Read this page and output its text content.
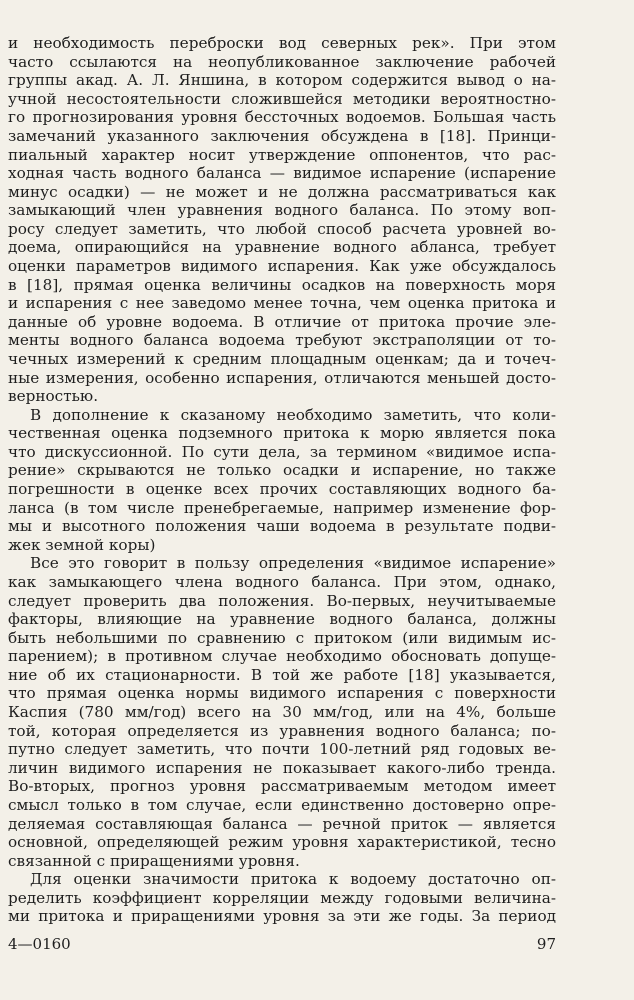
и необходимость переброски вод северных рек». При этом
часто ссылаются на неопубликованное заключение рабочей
группы акад. А. Л. Яншина, в котором содержится вывод о на-
учной несостоятельности сложившейся методики вероятностно-
го прогнозирования уровня бессточных водоемов. Большая часть
замечаний указанного заключения обсуждена в [18]. Принци-
пиальный характер носит утверждение оппонентов, что рас-
ходная часть водного баланса — видимое испарение (испарение
минус осадки) — не может и не должна рассматриваться как
замыкающий член уравнения водного баланса. По этому воп-
росу следует заметить, что любой способ расчета уровней во-
доема, опирающийся на уравнение водного абланса, требует
оценки параметров видимого испарения. Как уже обсуждалось
в [18], прямая оценка величины осадков на поверхность моря
и испарения с нее заведомо менее точна, чем оценка притока и
данные об уровне водоема. В отличие от притока прочие эле-
менты водного баланса водоема требуют экстраполяции от то-
чечных измерений к средним площадным оценкам; да и точеч-
ные измерения, особенно испарения, отличаются меньшей досто-
верностью.
В дополнение к сказаному необходимо заметить, что коли-
чественная оценка подземного притока к морю является пока
что дискуссионной. По сути дела, за термином «видимое испа-
рение» скрываются не только осадки и испарение, но также
погрешности в оценке всех прочих составляющих водного ба-
ланса (в том числе пренебрегаемые, например изменение фор-
мы и высотного положения чаши водоема в результате подви-
жек земной коры)
Все это говорит в пользу определения «видимое испарение»
как замыкающего члена водного баланса. При этом, однако,
следует проверить два положения. Во-первых, неучитываемые
факторы, влияющие на уравнение водного баланса, должны
быть небольшими по сравнению с притоком (или видимым ис-
парением); в противном случае необходимо обосновать допуще-
ние об их стационарности. В той же работе [18] указывается,
что прямая оценка нормы видимого испарения с поверхности
Каспия (780 мм/год) всего на 30 мм/год, или на 4%, больше
той, которая определяется из уравнения водного баланса; по-
путно следует заметить, что почти 100-летний ряд годовых ве-
личин видимого испарения не показывает какого-либо тренда.
Во-вторых, прогноз уровня рассматриваемым методом имеет
смысл только в том случае, если единственно достоверно опре-
деляемая составляющая баланса — речной приток — является
основной, определяющей режим уровня характеристикой, тесно
связанной с приращениями уровня.
Для оценки значимости притока к водоему достаточно оп-
ределить коэффициент корреляции между годовыми величина-
ми притока и приращениями уровня за эти же годы. За период
4—0160	97
